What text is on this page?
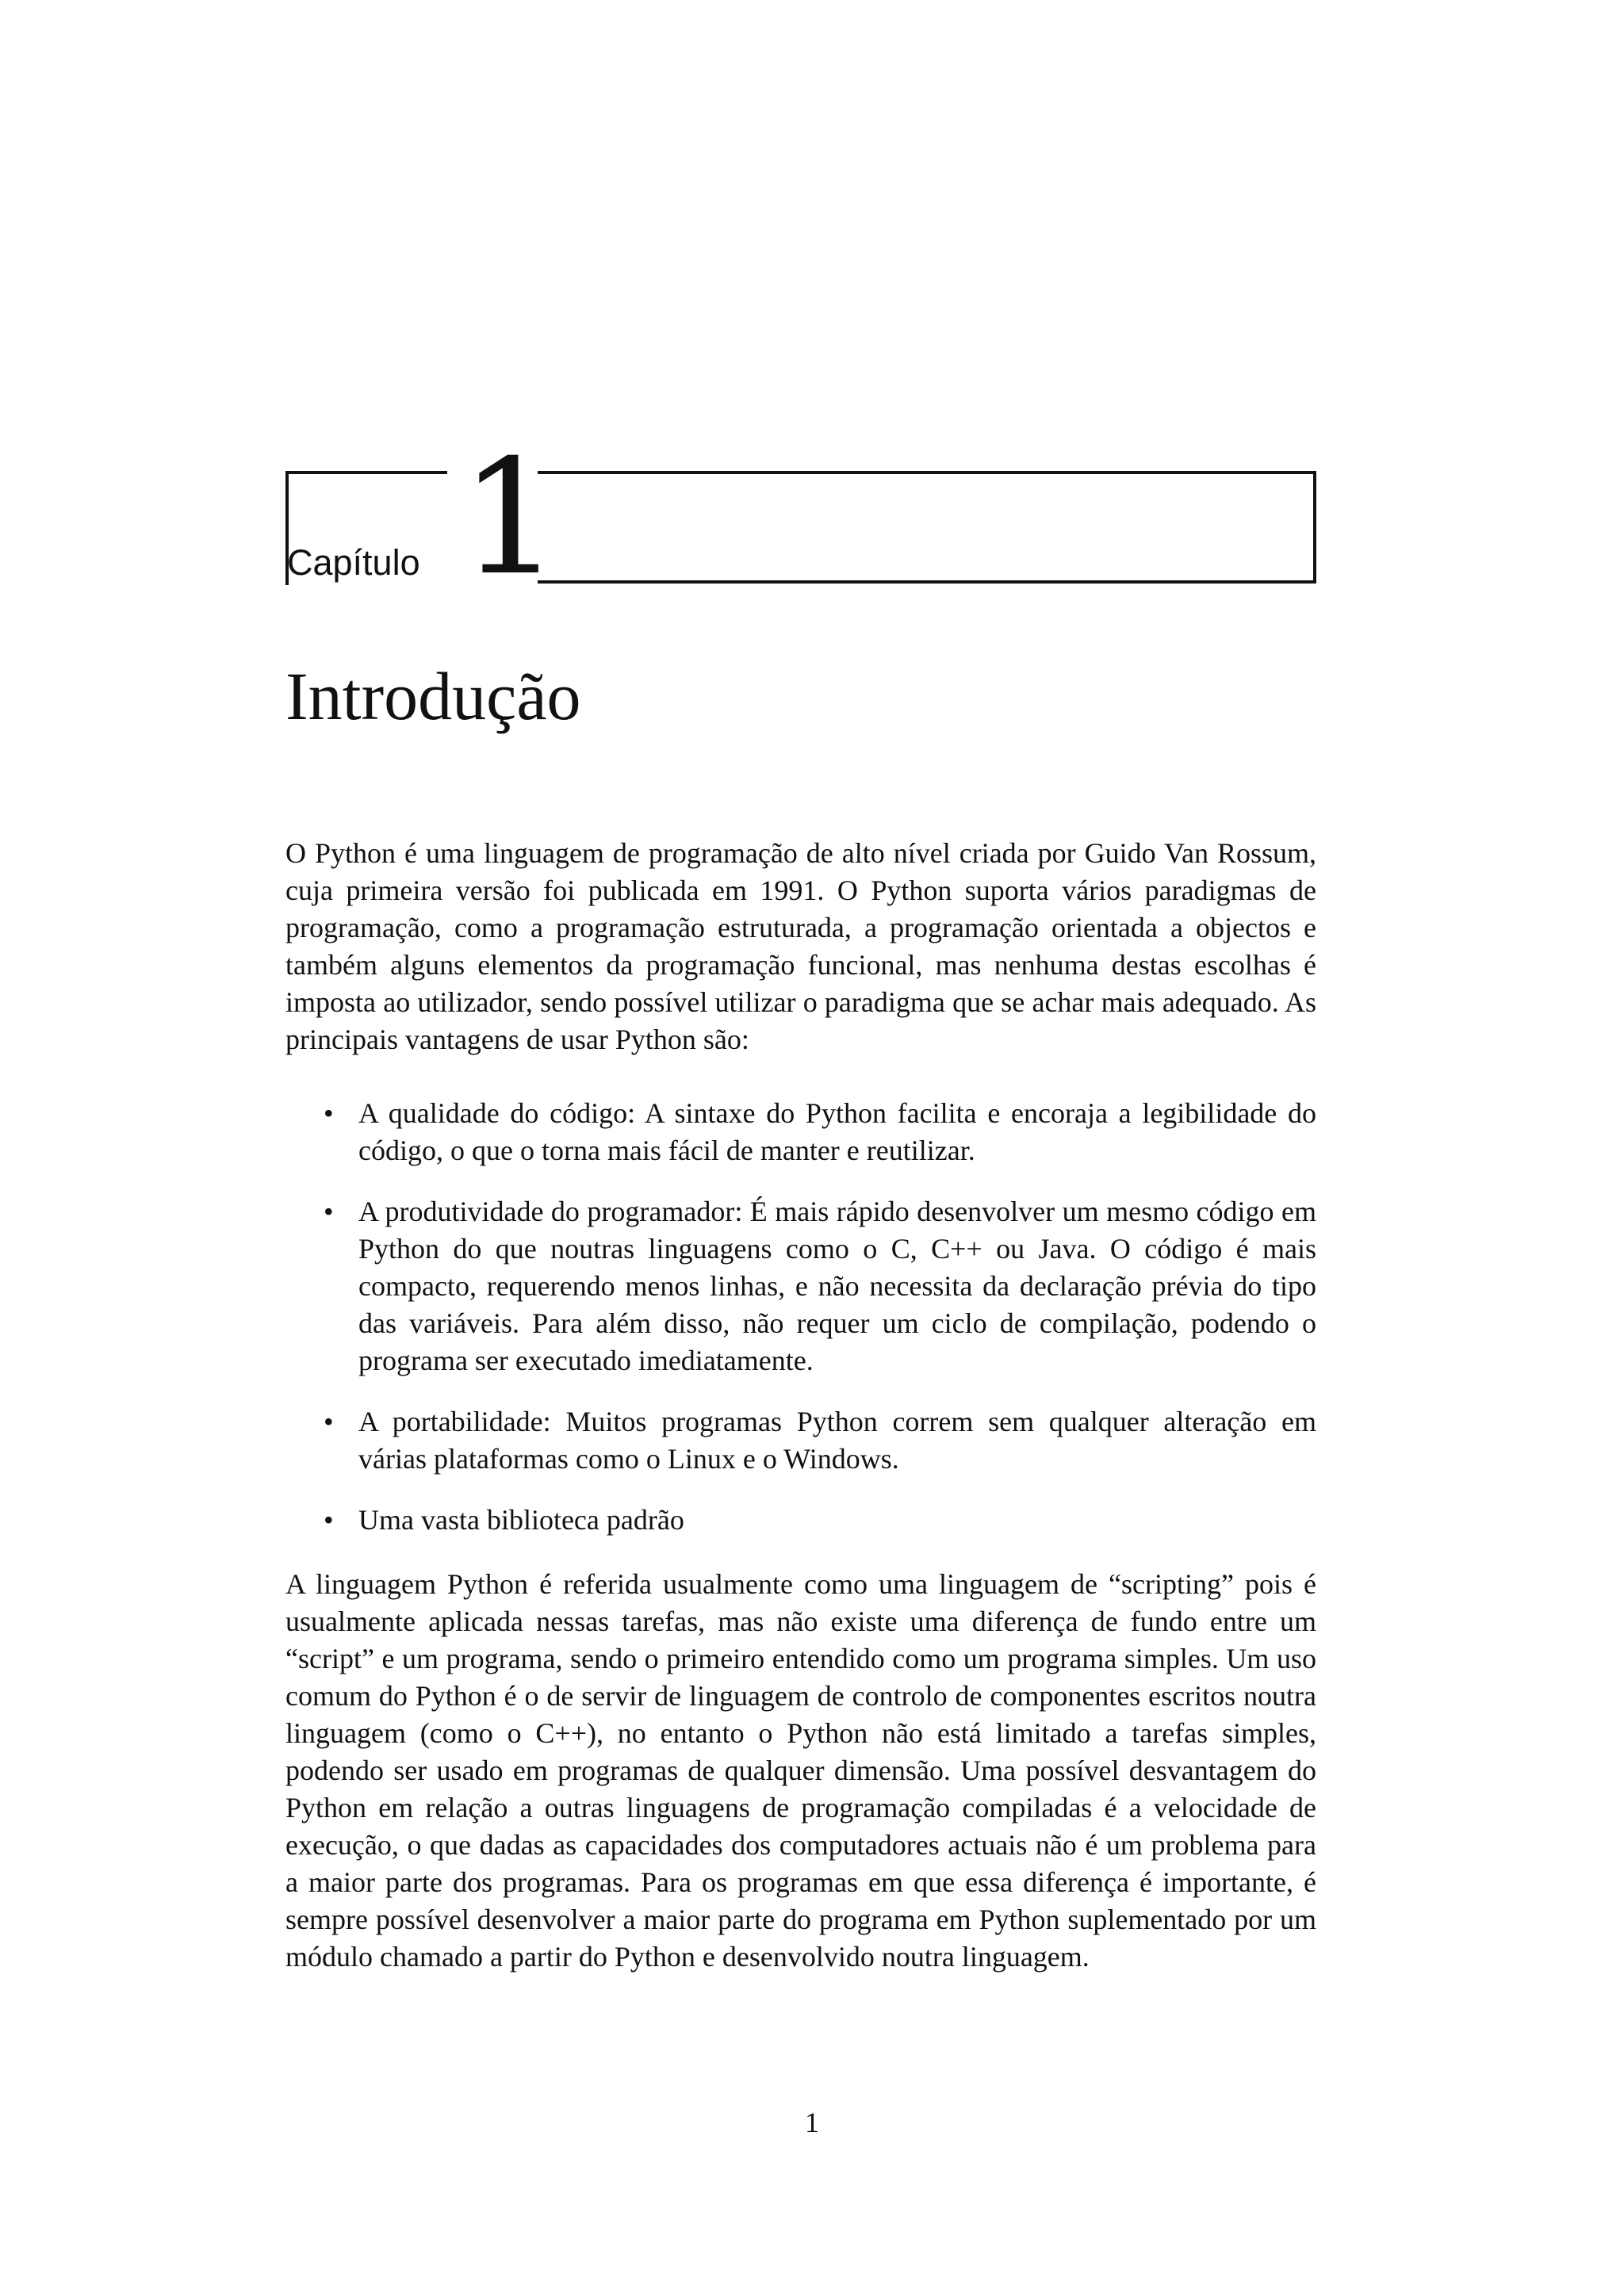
Capítulo 1
Introdução

O Python é uma linguagem de programação de alto nível criada por Guido Van Rossum, cuja primeira versão foi publicada em 1991. O Python suporta vários paradigmas de programação, como a programação estruturada, a programação orientada a objectos e também alguns elementos da programação funcional, mas nenhuma destas escolhas é imposta ao utilizador, sendo possível utilizar o paradigma que se achar mais adequado. As principais vantagens de usar Python são:

• A qualidade do código: A sintaxe do Python facilita e encoraja a legibilidade do código, o que o torna mais fácil de manter e reutilizar.
• A produtividade do programador: É mais rápido desenvolver um mesmo código em Python do que noutras linguagens como o C, C++ ou Java. O código é mais compacto, requerendo menos linhas, e não necessita da declaração prévia do tipo das variáveis. Para além disso, não requer um ciclo de compilação, podendo o programa ser executado imediatamente.
• A portabilidade: Muitos programas Python correm sem qualquer alteração em várias plataformas como o Linux e o Windows.
• Uma vasta biblioteca padrão

A linguagem Python é referida usualmente como uma linguagem de “scripting” pois é usualmente aplicada nessas tarefas, mas não existe uma diferença de fundo entre um “script” e um programa, sendo o primeiro entendido como um programa simples. Um uso comum do Python é o de servir de linguagem de controlo de componentes escritos noutra linguagem (como o C++), no entanto o Python não está limitado a tarefas simples, podendo ser usado em programas de qualquer dimensão. Uma possível desvantagem do Python em relação a outras linguagens de programação compiladas é a velocidade de execução, o que dadas as capacidades dos computadores actuais não é um problema para a maior parte dos programas. Para os programas em que essa diferença é importante, é sempre possível desenvolver a maior parte do programa em Python suplementado por um módulo chamado a partir do Python e desenvolvido noutra linguagem.

1
